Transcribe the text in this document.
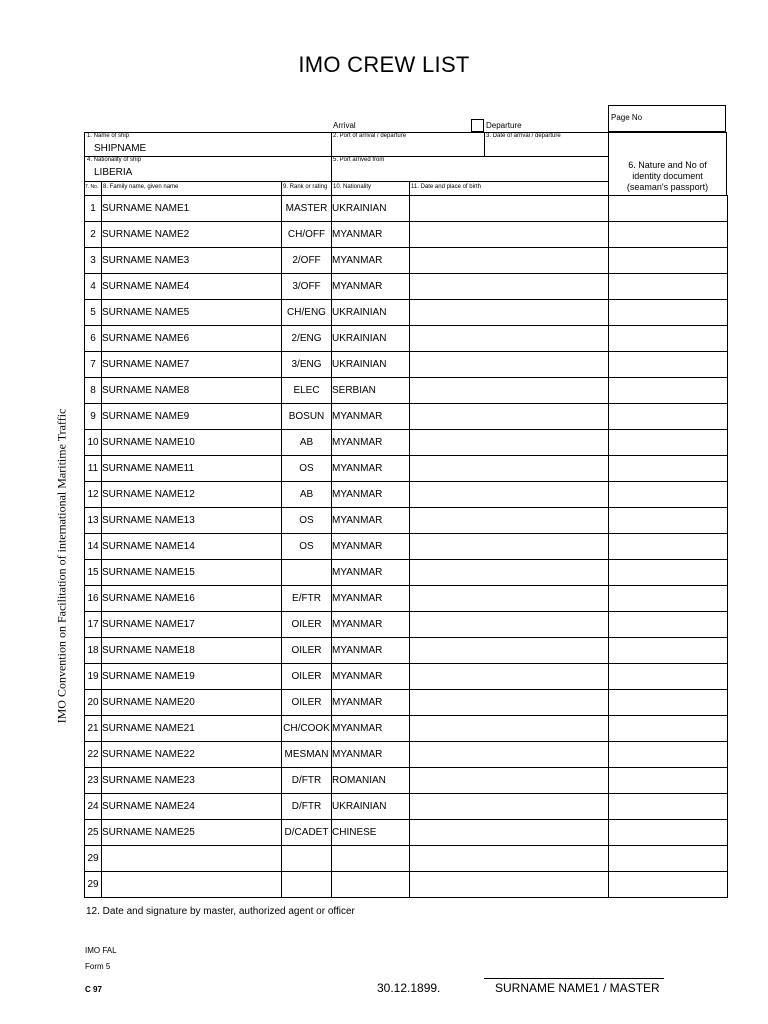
IMO CREW LIST
IMO Convention on Facilitation of international Maritime Traffic
Page No
Arrival	Departure
1. Name of ship
SHIPNAME
2. Port of arrival / departure	3. Date of arrival / departure
4. Nationality of ship
LIBERIA
5. Port arrived from	6. Nature and No of
identity document
(seaman's passport)
7. No. 8. Family name, given name	9. Rank or rating 10. Nationality	11. Date and place of birth
1	SURNAME NAME1	MASTER	UKRAINIAN		
2	SURNAME NAME2	CH/OFF	MYANMAR		
3	SURNAME NAME3	2/OFF	MYANMAR		
4	SURNAME NAME4	3/OFF	MYANMAR		
5	SURNAME NAME5	CH/ENG	UKRAINIAN		
6	SURNAME NAME6	2/ENG	UKRAINIAN		
7	SURNAME NAME7	3/ENG	UKRAINIAN		
8	SURNAME NAME8	ELEC	SERBIAN		
9	SURNAME NAME9	BOSUN	MYANMAR		
10	SURNAME NAME10	AB	MYANMAR		
11	SURNAME NAME11	OS	MYANMAR		
12	SURNAME NAME12	AB	MYANMAR		
13	SURNAME NAME13	OS	MYANMAR		
14	SURNAME NAME14	OS	MYANMAR		
15	SURNAME NAME15		MYANMAR		
16	SURNAME NAME16	E/FTR	MYANMAR		
17	SURNAME NAME17	OILER	MYANMAR		
18	SURNAME NAME18	OILER	MYANMAR		
19	SURNAME NAME19	OILER	MYANMAR		
20	SURNAME NAME20	OILER	MYANMAR		
21	SURNAME NAME21	CH/COOK	MYANMAR		
22	SURNAME NAME22	MESMAN	MYANMAR		
23	SURNAME NAME23	D/FTR	ROMANIAN		
24	SURNAME NAME24	D/FTR	UKRAINIAN		
25	SURNAME NAME25	D/CADET	CHINESE		
29					
29					
12. Date and signature by master, authorized agent or officer
IMO FAL
Form 5
C 97	30.12.1899.	SURNAME NAME1 / MASTER
